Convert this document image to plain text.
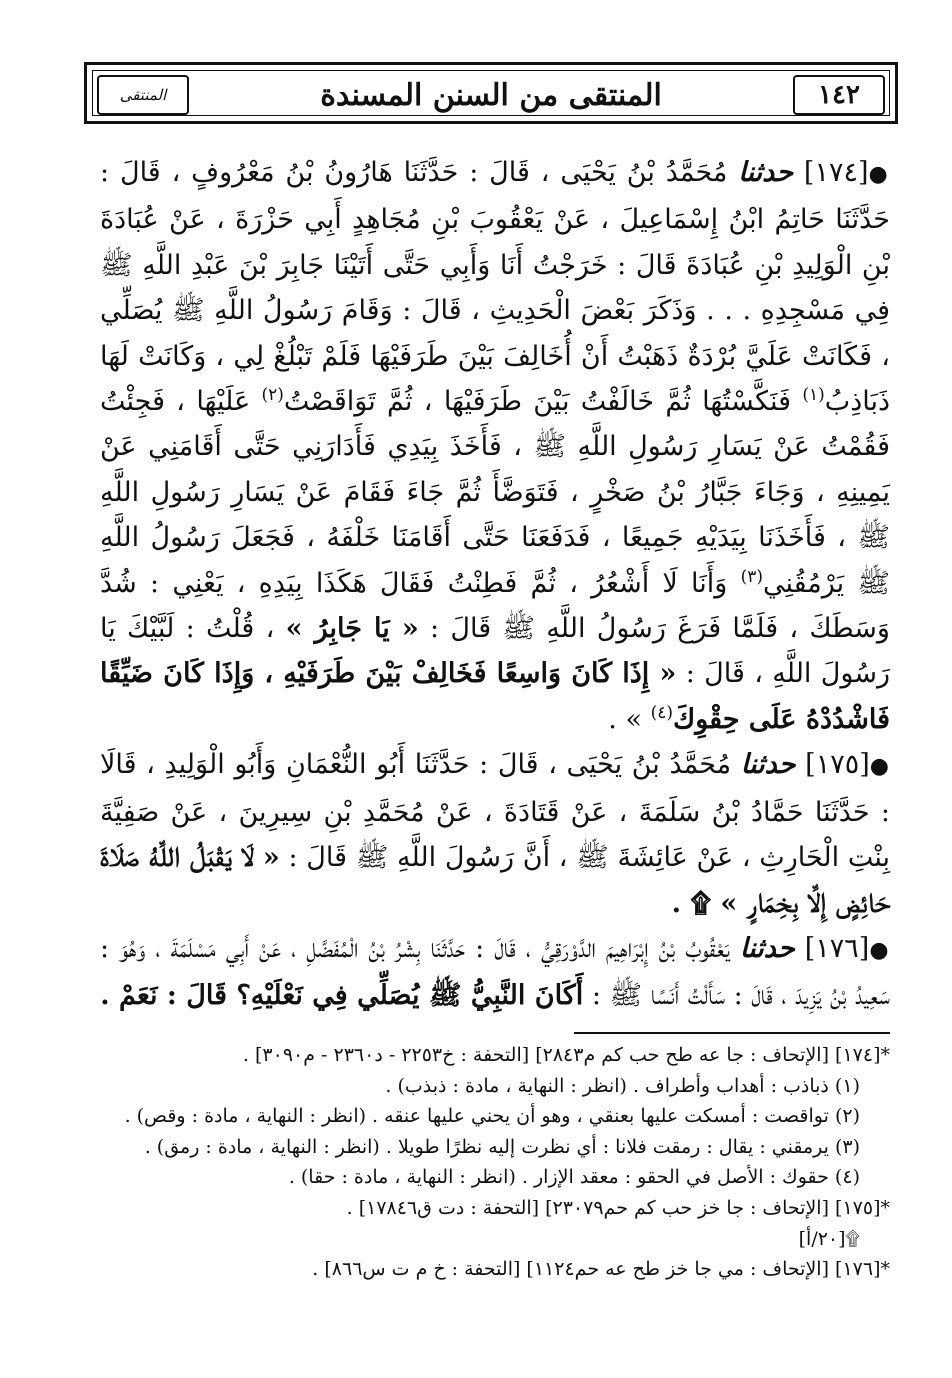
١٤٢
المنتقى من السنن المسندة
المنتقى

●[١٧٤] حدثنا مُحَمَّدُ بْنُ يَحْيَى ، قَالَ : حَدَّثَنَا هَارُونُ بْنُ مَعْرُوفٍ ، قَالَ : حَدَّثَنَا حَاتِمُ ابْنُ إِسْمَاعِيلَ ، عَنْ يَعْقُوبَ بْنِ مُجَاهِدٍ أَبِي حَزْرَةَ ، عَنْ عُبَادَةَ بْنِ الْوَلِيدِ بْنِ عُبَادَةَ قَالَ : خَرَجْتُ أَنَا وَأَبِي حَتَّى أَتَيْنَا جَابِرَ بْنَ عَبْدِ اللَّهِ ﷺ فِي مَسْجِدِهِ . . . وَذَكَرَ بَعْضَ الْحَدِيثِ ، قَالَ : وَقَامَ رَسُولُ اللَّهِ ﷺ يُصَلِّي ، فَكَانَتْ عَلَيَّ بُرْدَةٌ ذَهَبْتُ أَنْ أُخَالِفَ بَيْنَ طَرَفَيْهَا فَلَمْ تَبْلُغْ لِي ، وَكَانَتْ لَهَا ذَبَاذِبُ$^{(١)}$ فَنَكَّسْتُهَا ثُمَّ خَالَفْتُ بَيْنَ طَرَفَيْهَا ، ثُمَّ تَوَاقَصْتُ$^{(٢)}$ عَلَيْهَا ، فَجِئْتُ فَقُمْتُ عَنْ يَسَارِ رَسُولِ اللَّهِ ﷺ ، فَأَخَذَ بِيَدِي فَأَدَارَنِي حَتَّى أَقَامَنِي عَنْ يَمِينِهِ ، وَجَاءَ جَبَّارُ بْنُ صَخْرٍ ، فَتَوَضَّأَ ثُمَّ جَاءَ فَقَامَ عَنْ يَسَارِ رَسُولِ اللَّهِ ﷺ ، فَأَخَذَنَا بِيَدَيْهِ جَمِيعًا ، فَدَفَعَنَا حَتَّى أَقَامَنَا خَلْفَهُ ، فَجَعَلَ رَسُولُ اللَّهِ ﷺ يَرْمُقُنِي$^{(٣)}$ وَأَنَا لَا أَشْعُرُ ، ثُمَّ فَطِنْتُ فَقَالَ هَكَذَا بِيَدِهِ ، يَعْنِي : شُدَّ وَسَطَكَ ، فَلَمَّا فَرَغَ رَسُولُ اللَّهِ ﷺ قَالَ : « يَا جَابِرُ » ، قُلْتُ : لَبَّيْكَ يَا رَسُولَ اللَّهِ ، قَالَ : « إِذَا كَانَ وَاسِعًا فَخَالِفْ بَيْنَ طَرَفَيْهِ ، وَإِذَا كَانَ ضَيِّقًا فَاشْدُدْهُ عَلَى حِقْوِكَ$^{(٤)}$ » .

●[١٧٥] حدثنا مُحَمَّدُ بْنُ يَحْيَى ، قَالَ : حَدَّثَنَا أَبُو النُّعْمَانِ وَأَبُو الْوَلِيدِ ، قَالَا : حَدَّثَنَا حَمَّادُ بْنُ سَلَمَةَ ، عَنْ قَتَادَةَ ، عَنْ مُحَمَّدِ بْنِ سِيرِينَ ، عَنْ صَفِيَّةَ بِنْتِ الْحَارِثِ ، عَنْ عَائِشَةَ ﷺ ، أَنَّ رَسُولَ اللَّهِ ﷺ قَالَ : « لَا يَقْبَلُ اللَّهُ صَلَاةَ حَائِضٍ إِلَّا بِخِمَارٍ » ۩ .

●[١٧٦] حدثنا يَعْقُوبُ بْنُ إِبْرَاهِيمَ الدَّوْرَقِيُّ ، قَالَ : حَدَّثَنَا بِشْرُ بْنُ الْمُفَضَّلِ ، عَنْ أَبِي مَسْلَمَةَ ، وَهُوَ : سَعِيدُ بْنُ يَزِيدَ ، قَالَ : سَأَلْتُ أَنَسًا ﷺ : أَكَانَ النَّبِيُّ ﷺ يُصَلِّي فِي نَعْلَيْهِ؟ قَالَ : نَعَمْ .

*[١٧٤] [الإتحاف : جا عه طح حب كم م٢٨٤٣] [التحفة : خ٢٢٥٣ - د٢٣٦٠ - م٣٠٩٠] .
(١) ذباذب : أهداب وأطراف . (انظر : النهاية ، مادة : ذبذب) .
(٢) تواقصت : أمسكت عليها بعنقي ، وهو أن يحني عليها عنقه . (انظر : النهاية ، مادة : وقص) .
(٣) يرمقني : يقال : رمقت فلانا : أي نظرت إليه نظرًا طويلا . (انظر : النهاية ، مادة : رمق) .
(٤) حقوك : الأصل في الحقو : معقد الإزار . (انظر : النهاية ، مادة : حقا) .
*[١٧٥] [الإتحاف : جا خز حب كم حم٢٣٠٧٩] [التحفة : دت ق١٧٨٤٦] .
۩[٢٠/أ]
*[١٧٦] [الإتحاف : مي جا خز طح عه حم١١٢٤] [التحفة : خ م ت س٨٦٦] .
